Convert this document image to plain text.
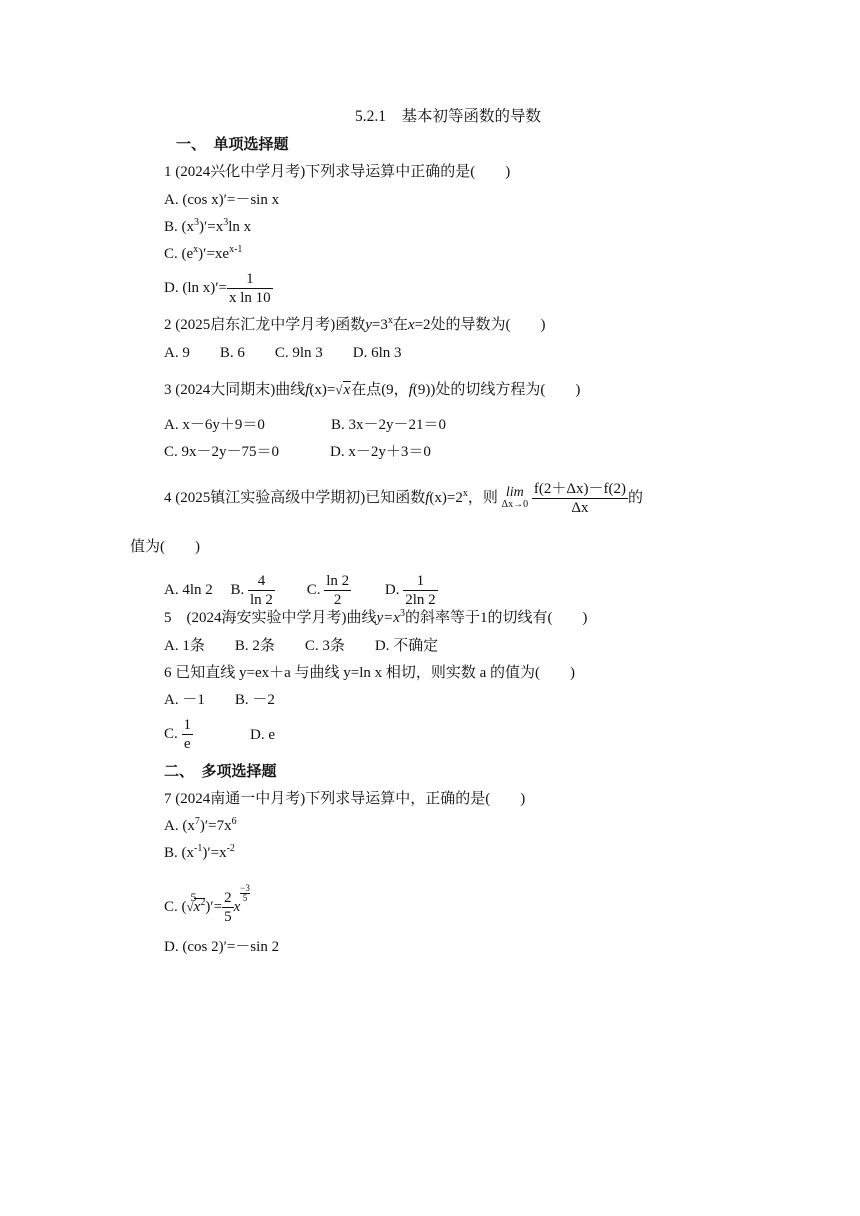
5.2.1　基本初等函数的导数
一、　单项选择题
1 (2024兴化中学月考)下列求导运算中正确的是(　　)
A. (cos x)′=－sin x
B. $(x^3)'=x^3\ln$ x
C. $(e^x)'=xe^{x-1}$
D. (ln $x)'= \frac{1}{\text{x ln 10}}$
2 (2025启东汇龙中学月考)函数$y=3^x$在x=2处的导数为(　　)
A. 9　　B. 6　　C. 9ln 3　　D. 6ln 3
3 (2024大同期末)曲线f(x)=√x在点(9，f(9))处的切线方程为(　　)
A. x－6y＋9＝0	B. 3x－2y－21＝0
C. 9x－2y－75＝0	D. x－2y＋3＝0
4 (2025镇江实验高级中学期初)已知函数$f(x)=2^x$，则 lim
Δx→0
$\frac{f(2+\Delta x)-f(2)}{\Delta x}$ 的
值为(　　)
A. 4ln 2 B. $\frac{4}{\ln 2} C$. $\frac{\ln 2}{2} D$. $\frac{1}{2\ln 2}$
5　(2024海安实验中学月考)曲线$y=x^3$的斜率等于1的切线有(　　)
A. 1条　　B. 2条　　C. 3条　　D. 不确定
6 已知直线 y=ex＋a 与曲线 y=ln x 相切，则实数 a 的值为(　　)
A. －1　　B. －2
C. $\frac{1}{e}$	D. e
二、　多项选择题
7 (2024南通一中月考)下列求导运算中，正确的是(　　)
A. $(x^7)'=7x^6$
B. $(x^{-1})'=x^{-2}$
C. (
5
$√x^2)'= \frac{2}{5}$ x
$\frac{-3}{5}$
D. (cos 2)′=－sin 2
